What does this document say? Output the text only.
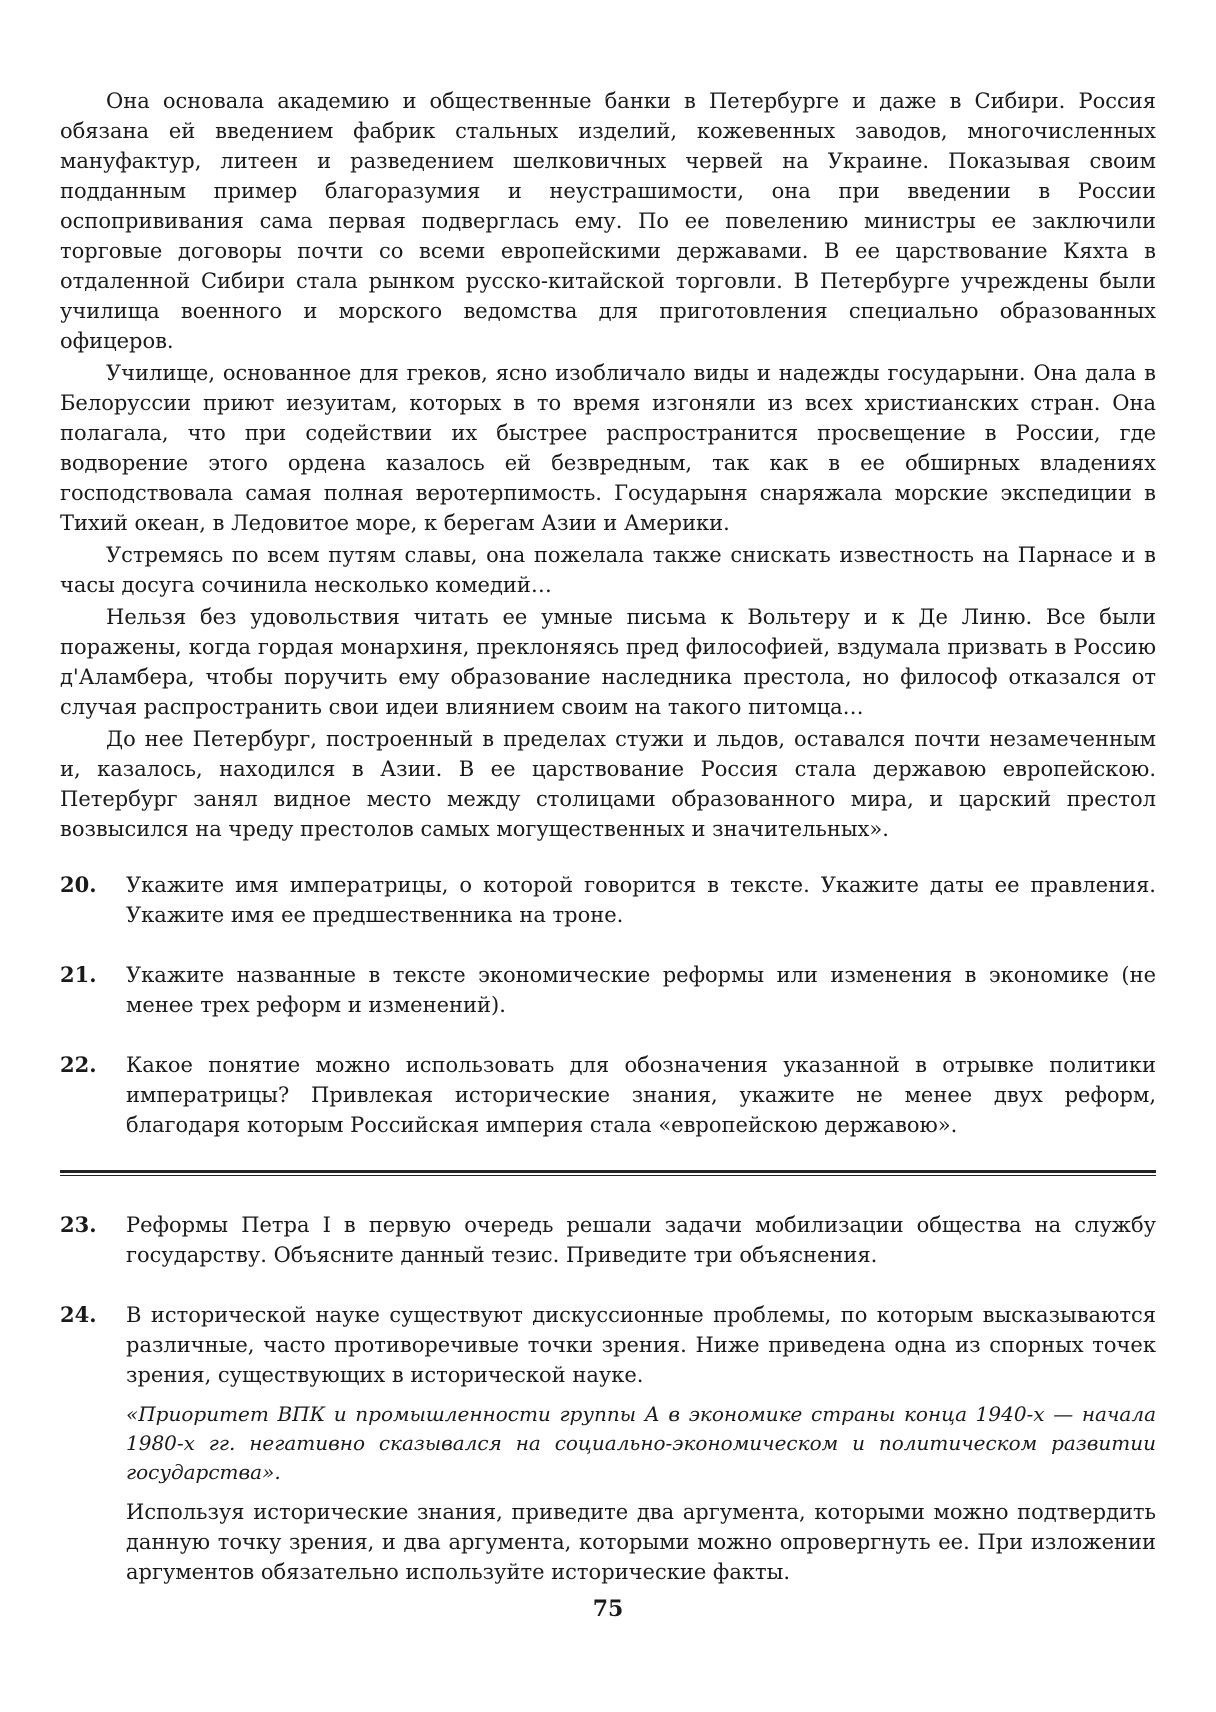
Она основала академию и общественные банки в Петербурге и даже в Сибири. Россия обязана ей введением фабрик стальных изделий, кожевенных заводов, многочисленных мануфактур, литеен и разведением шелковичных червей на Украине. Показывая своим подданным пример благоразумия и неустрашимости, она при введении в России оспопрививания сама первая подверглась ему. По ее повелению министры ее заключили торговые договоры почти со всеми европейскими державами. В ее царствование Кяхта в отдаленной Сибири стала рынком русско-китайской торговли. В Петербурге учреждены были училища военного и морского ведомства для приготовления специально образованных офицеров.

Училище, основанное для греков, ясно изобличало виды и надежды государыни. Она дала в Белоруссии приют иезуитам, которых в то время изгоняли из всех христианских стран. Она полагала, что при содействии их быстрее распространится просвещение в России, где водворение этого ордена казалось ей безвредным, так как в ее обширных владениях господствовала самая полная веротерпимость. Государыня снаряжала морские экспедиции в Тихий океан, в Ледовитое море, к берегам Азии и Америки.

Устремясь по всем путям славы, она пожелала также снискать известность на Парнасе и в часы досуга сочинила несколько комедий…

Нельзя без удовольствия читать ее умные письма к Вольтеру и к Де Линю. Все были поражены, когда гордая монархиня, преклоняясь пред философией, вздумала призвать в Россию д'Аламбера, чтобы поручить ему образование наследника престола, но философ отказался от случая распространить свои идеи влиянием своим на такого питомца…

До нее Петербург, построенный в пределах стужи и льдов, оставался почти незамеченным и, казалось, находился в Азии. В ее царствование Россия стала державою европейскою. Петербург занял видное место между столицами образованного мира, и царский престол возвысился на чреду престолов самых могущественных и значительных».

20.	Укажите имя императрицы, о которой говорится в тексте. Укажите даты ее правления. Укажите имя ее предшественника на троне.

21.	Укажите названные в тексте экономические реформы или изменения в экономике (не менее трех реформ и изменений).

22.	Какое понятие можно использовать для обозначения указанной в отрывке политики императрицы? Привлекая исторические знания, укажите не менее двух реформ, благодаря которым Российская империя стала «европейскою державою».

23.	Реформы Петра I в первую очередь решали задачи мобилизации общества на службу государству. Объясните данный тезис. Приведите три объяснения.

24.	В исторической науке существуют дискуссионные проблемы, по которым высказываются различные, часто противоречивые точки зрения. Ниже приведена одна из спорных точек зрения, существующих в исторической науке.

«Приоритет ВПК и промышленности группы А в экономике страны конца 1940-х — начала 1980-х гг. негативно сказывался на социально-экономическом и политическом развитии государства».

Используя исторические знания, приведите два аргумента, которыми можно подтвердить данную точку зрения, и два аргумента, которыми можно опровергнуть ее. При изложении аргументов обязательно используйте исторические факты.

75
